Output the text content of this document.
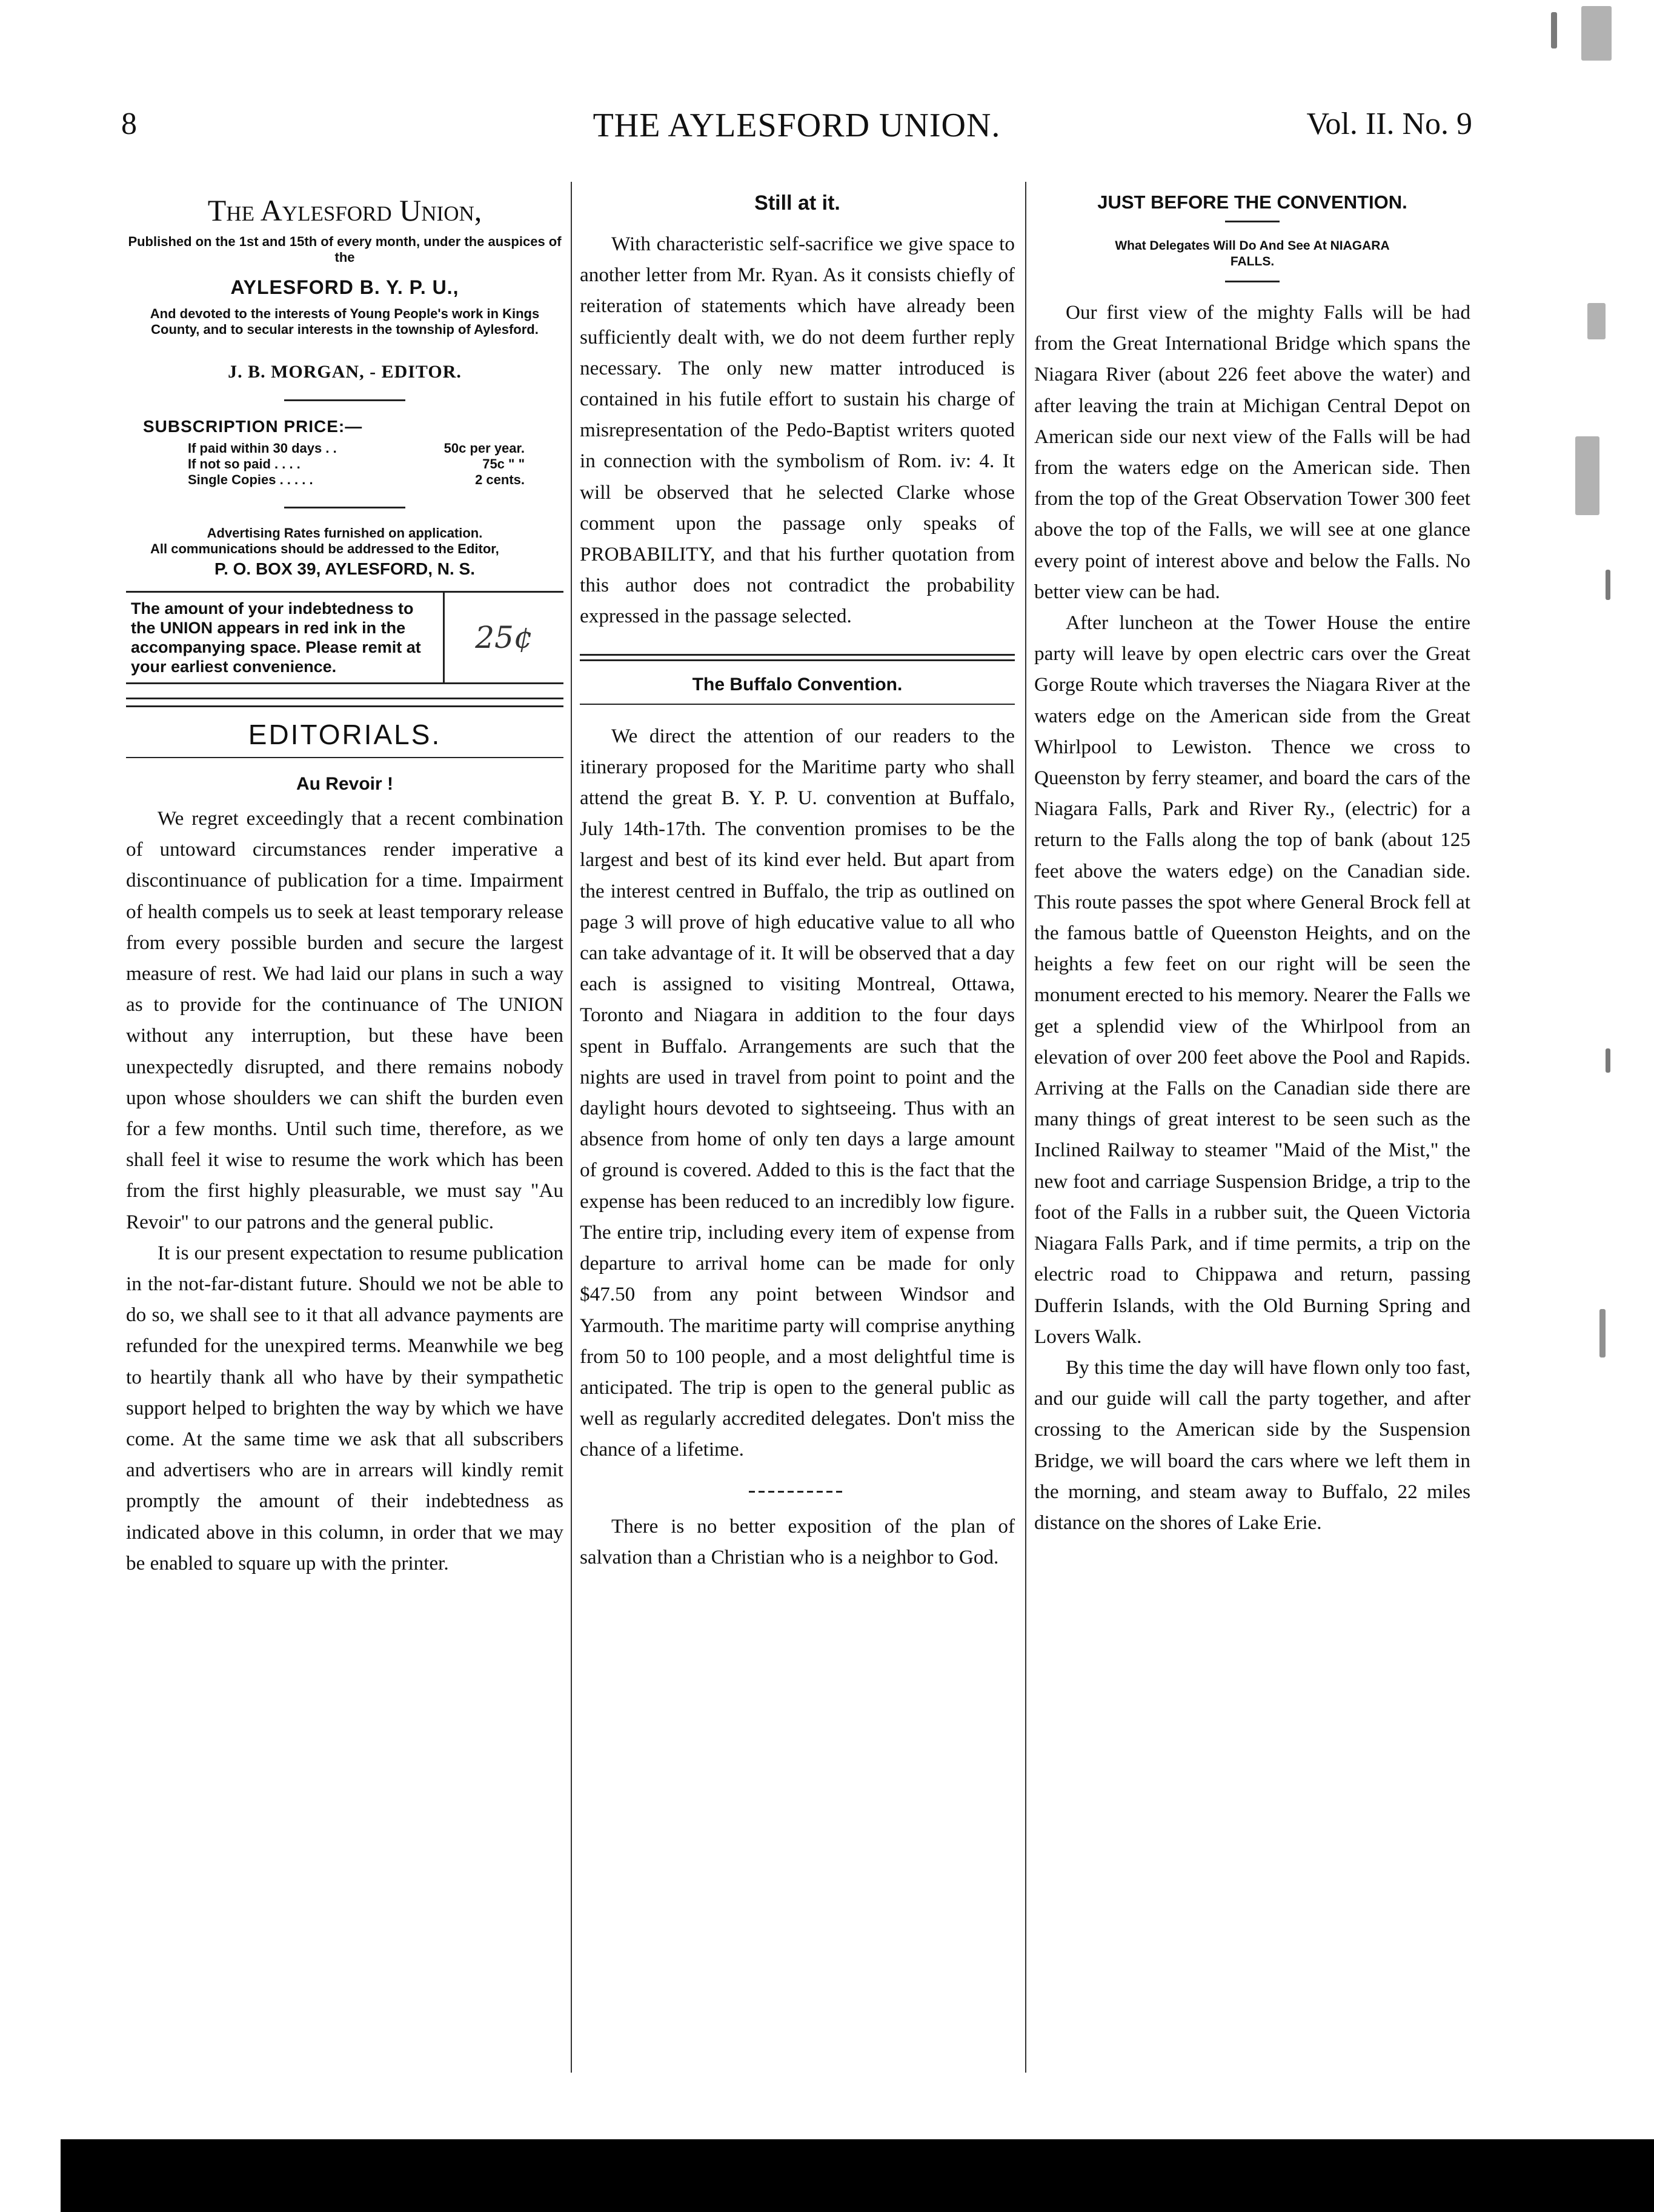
8	THE AYLESFORD UNION.	Vol. II. No. 9
The Aylesford Union,
Published on the 1st and 15th of every month, under the auspices of the
AYLESFORD B. Y. P. U.,
And devoted to the interests of Young People's work in Kings County, and to secular interests in the township of Aylesford.
J. B. MORGAN, - EDITOR.
SUBSCRIPTION PRICE:—
If paid within 30 days . .	50c per year.
If not so paid . . . .	75c " "
Single Copies . . . . .	2 cents.
Advertising Rates furnished on application.
All communications should be addressed to the Editor,
P. O. BOX 39, AYLESFORD, N. S.
The amount of your indebtedness to the UNION appears in red ink in the accompanying space. Please remit at your earliest convenience.
25¢
EDITORIALS.
Au Revoir !

We regret exceedingly that a recent combination of untoward circumstances render imperative a discontinuance of publication for a time. Impairment of health compels us to seek at least temporary release from every possible burden and secure the largest measure of rest. We had laid our plans in such a way as to provide for the continuance of The UNION without any interruption, but these have been unexpectedly disrupted, and there remains nobody upon whose shoulders we can shift the burden even for a few months. Until such time, therefore, as we shall feel it wise to resume the work which has been from the first highly pleasurable, we must say "Au Revoir" to our patrons and the general public.

It is our present expectation to resume publication in the not-far-distant future. Should we not be able to do so, we shall see to it that all advance payments are refunded for the unexpired terms. Meanwhile we beg to heartily thank all who have by their sympathetic support helped to brighten the way by which we have come. At the same time we ask that all subscribers and advertisers who are in arrears will kindly remit promptly the amount of their indebtedness as indicated above in this column, in order that we may be enabled to square up with the printer.

Still at it.

With characteristic self-sacrifice we give space to another letter from Mr. Ryan. As it consists chiefly of reiteration of statements which have already been sufficiently dealt with, we do not deem further reply necessary. The only new matter introduced is contained in his futile effort to sustain his charge of misrepresentation of the Pedo-Baptist writers quoted in connection with the symbolism of Rom. iv: 4. It will be observed that he selected Clarke whose comment upon the passage only speaks of PROBABILITY, and that his further quotation from this author does not contradict the probability expressed in the passage selected.

The Buffalo Convention.

We direct the attention of our readers to the itinerary proposed for the Maritime party who shall attend the great B. Y. P. U. convention at Buffalo, July 14th-17th. The convention promises to be the largest and best of its kind ever held. But apart from the interest centred in Buffalo, the trip as outlined on page 3 will prove of high educative value to all who can take advantage of it. It will be observed that a day each is assigned to visiting Montreal, Ottawa, Toronto and Niagara in addition to the four days spent in Buffalo. Arrangements are such that the nights are used in travel from point to point and the daylight hours devoted to sightseeing. Thus with an absence from home of only ten days a large amount of ground is covered. Added to this is the fact that the expense has been reduced to an incredibly low figure. The entire trip, including every item of expense from departure to arrival home can be made for only $47.50 from any point between Windsor and Yarmouth. The maritime party will comprise anything from 50 to 100 people, and a most delightful time is anticipated. The trip is open to the general public as well as regularly accredited delegates. Don't miss the chance of a lifetime.

There is no better exposition of the plan of salvation than a Christian who is a neighbor to God.

JUST BEFORE THE CONVENTION.
What Delegates Will Do And See At NIAGARA FALLS.

Our first view of the mighty Falls will be had from the Great International Bridge which spans the Niagara River (about 226 feet above the water) and after leaving the train at Michigan Central Depot on American side our next view of the Falls will be had from the waters edge on the American side. Then from the top of the Great Observation Tower 300 feet above the top of the Falls, we will see at one glance every point of interest above and below the Falls. No better view can be had.

After luncheon at the Tower House the entire party will leave by open electric cars over the Great Gorge Route which traverses the Niagara River at the waters edge on the American side from the Great Whirlpool to Lewiston. Thence we cross to Queenston by ferry steamer, and board the cars of the Niagara Falls, Park and River Ry., (electric) for a return to the Falls along the top of bank (about 125 feet above the waters edge) on the Canadian side. This route passes the spot where General Brock fell at the famous battle of Queenston Heights, and on the heights a few feet on our right will be seen the monument erected to his memory. Nearer the Falls we get a splendid view of the Whirlpool from an elevation of over 200 feet above the Pool and Rapids. Arriving at the Falls on the Canadian side there are many things of great interest to be seen such as the Inclined Railway to steamer "Maid of the Mist," the new foot and carriage Suspension Bridge, a trip to the foot of the Falls in a rubber suit, the Queen Victoria Niagara Falls Park, and if time permits, a trip on the electric road to Chippawa and return, passing Dufferin Islands, with the Old Burning Spring and Lovers Walk.

By this time the day will have flown only too fast, and our guide will call the party together, and after crossing to the American side by the Suspension Bridge, we will board the cars where we left them in the morning, and steam away to Buffalo, 22 miles distance on the shores of Lake Erie.
